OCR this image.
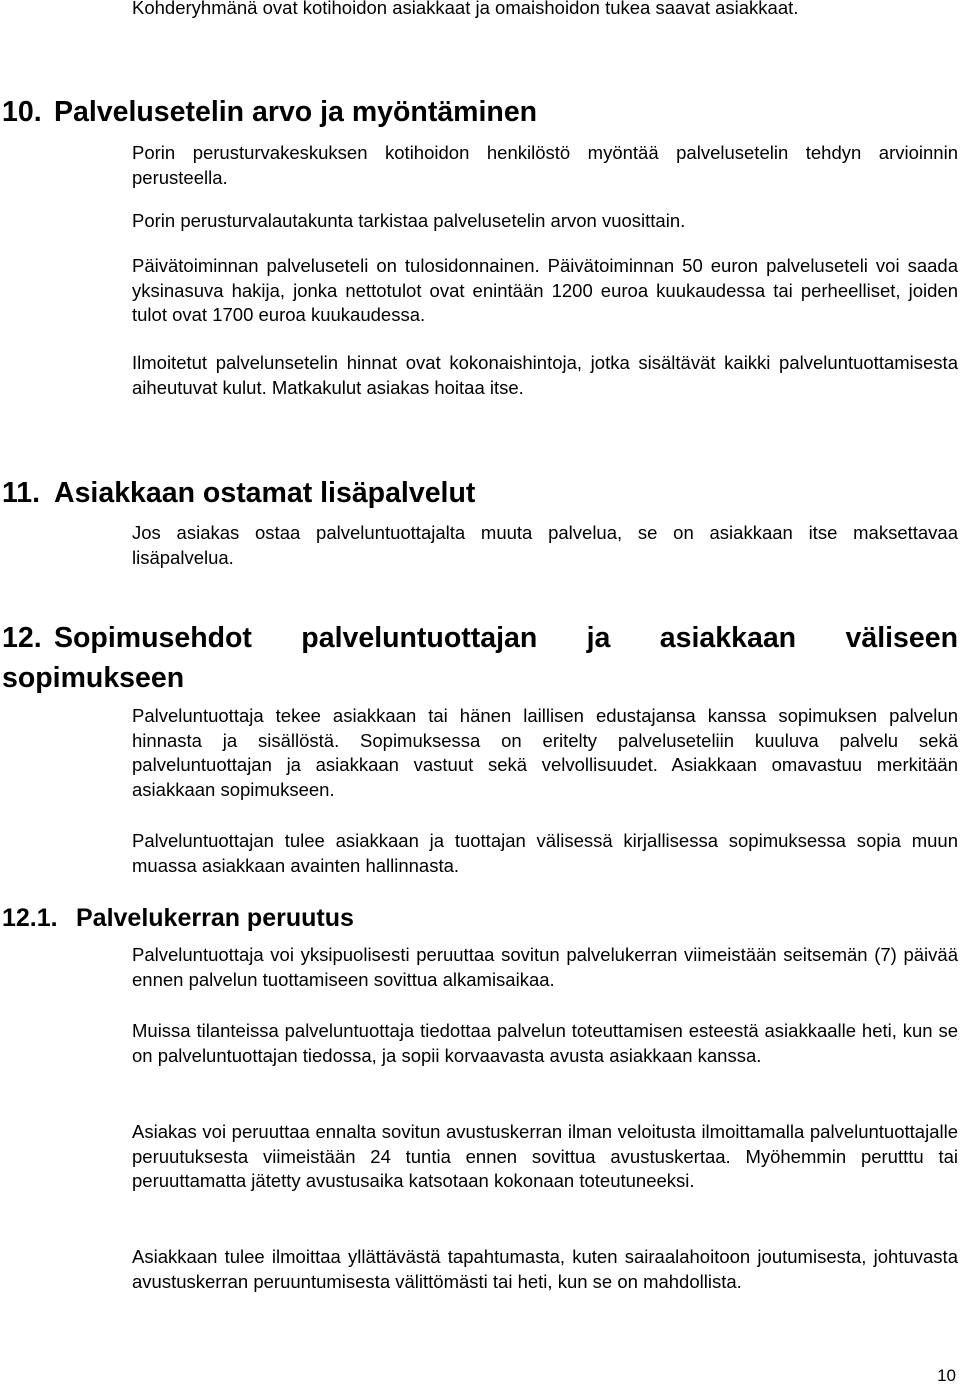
Kohderyhmänä ovat kotihoidon asiakkaat ja omaishoidon tukea saavat asiakkaat.

10. Palvelusetelin arvo ja myöntäminen

Porin perusturvakeskuksen kotihoidon henkilöstö myöntää palvelusetelin tehdyn arvioinnin perusteella.

Porin perusturvalautakunta tarkistaa palvelusetelin arvon vuosittain.

Päivätoiminnan palveluseteli on tulosidonnainen. Päivätoiminnan 50 euron palveluseteli voi saada yksinasuva hakija, jonka nettotulot ovat enintään 1200 euroa kuukaudessa tai perheelliset, joiden tulot ovat 1700 euroa kuukaudessa.

Ilmoitetut palvelunsetelin hinnat ovat kokonaishintoja, jotka sisältävät kaikki palveluntuottamisesta aiheutuvat kulut. Matkakulut asiakas hoitaa itse.

11. Asiakkaan ostamat lisäpalvelut

Jos asiakas ostaa palveluntuottajalta muuta palvelua, se on asiakkaan itse maksettavaa lisäpalvelua.

12. Sopimusehdot palveluntuottajan ja asiakkaan väliseen sopimukseen

Palveluntuottaja tekee asiakkaan tai hänen laillisen edustajansa kanssa sopimuksen palvelun hinnasta ja sisällöstä. Sopimuksessa on eritelty palveluseteliin kuuluva palvelu sekä palveluntuottajan ja asiakkaan vastuut sekä velvollisuudet. Asiakkaan omavastuu merkitään asiakkaan sopimukseen.

Palveluntuottajan tulee asiakkaan ja tuottajan välisessä kirjallisessa sopimuksessa sopia muun muassa asiakkaan avainten hallinnasta.

12.1. Palvelukerran peruutus

Palveluntuottaja voi yksipuolisesti peruuttaa sovitun palvelukerran viimeistään seitsemän (7) päivää ennen palvelun tuottamiseen sovittua alkamisaikaa.

Muissa tilanteissa palveluntuottaja tiedottaa palvelun toteuttamisen esteestä asiakkaalle heti, kun se on palveluntuottajan tiedossa, ja sopii korvaavasta avusta asiakkaan kanssa.

Asiakas voi peruuttaa ennalta sovitun avustuskerran ilman veloitusta ilmoittamalla palveluntuottajalle peruutuksesta viimeistään 24 tuntia ennen sovittua avustuskertaa. Myöhemmin perutttu tai peruuttamatta jätetty avustusaika katsotaan kokonaan toteutuneeksi.

Asiakkaan tulee ilmoittaa yllättävästä tapahtumasta, kuten sairaalahoitoon joutumisesta, johtuvasta avustuskerran peruuntumisesta välittömästi tai heti, kun se on mahdollista.

10
